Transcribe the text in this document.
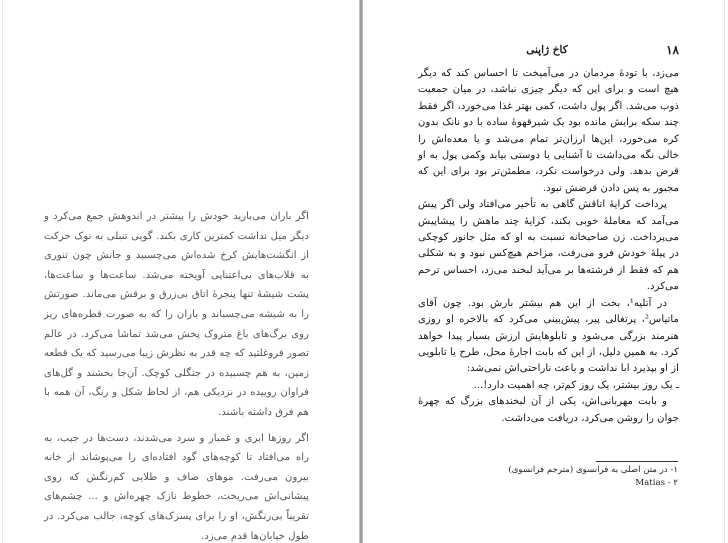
اگر باران می‌بارید خودش را بیشتر در اندوهش جمع می‌کرد و دیگر میل نداشت کمترین کاری بکند. گویی تنبلی به نوک حرکت از انگشت‌هایش کرخ شده‌اش می‌چسبید و جانش چون تنوری به قلاب‌های بی‌اعتنایی آویخته می‌شد. ساعت‌ها و ساعت‌ها، پشت شیشهٔ تنها پنجرهٔ اتاق بی‌زرق و برقش می‌ماند. صورتش را به شیشه می‌چسباند و باران را که به صورت قطره‌های ریز روی برگ‌های باغ متروک پخش می‌شد تماشا می‌کرد. در عالم تصور فرو‌غلتید که چه قدر به نظرش زیبا می‌رسید که یک قطعه زمین، به هم چسبیده در جنگلی کوچک. آن‌جا بخشند و گل‌های فراوان روییده در نزدیکی هم، از لحاظ شکل و رنگ، آن همه با هم فرق داشته باشند.

اگر روزها ابری و غمبار و سرد می‌شدند، دست‌ها در جیب، به راه می‌افتاد تا کوچه‌های گود افتاده‌ای را می‌پوشاند از خانه بیرون می‌رفت. موهای صاف و طلایی کم‌رنگش که روی پیشانی‌اش می‌ریخت، خطوط نازک چهره‌اش و ... چشم‌های تقریباً بی‌رنگش، او را برای پسرک‌های کوچه، جالب می‌کرد. در طول خیابان‌ها قدم می‌زد.

۱۸
کاخ ژاپنی

می‌زد، با تودهٔ مردمان در می‌آمیخت تا احساس کند که دیگر هیچ است و برای این که دیگر چیزی نباشد، در میان جمعیت ذوب می‌شد. اگر پول داشت، کمی بهتر غذا می‌خورد، اگر فقط چند سکه برایش مانده بود یک شیرقهوهٔ ساده با دو نانک بدون کره می‌خورد، این‌ها ارزان‌تر تمام می‌شد و یا معده‌اش را خالی نگه می‌داشت تا آشنایی یا دوستی بیابد وکمی پول به او قرض بدهد. ولی درخواست نکرد، مطمئن‌تر بود برای این که مجبور به پس دادن قرضش نبود.

پرداخت کرایهٔ اتاقش گاهی به تأخیر می‌افتاد ولی اگر پیش می‌آمد که معاملهٔ خوبی بکند، کرایهٔ چند ماهش را پیشاپیش می‌پرداخت. زن صاحبخانه نسبت به او که مثل جانور کوچکی در پیلهٔ خودش فرو می‌رفت، مزاحم هیچ‌کس نبود و به شکلی هم که فقط از فرشته‌ها بر می‌آید لبخند می‌زد، احساس ترحم می‌کرد.

در آتلیه¹، بخت از این هم بیشتر بارش بود. چون آقای ماتیاس²، پرتغالی پیر، پیش‌بینی می‌کرد که بالاخره او روزی هنرمند بزرگی می‌شود و تابلوهایش ارزش بسیار پیدا خواهد کرد. به همین دلیل، از این که بابت اجارهٔ محل، طرح یا تابلویی از او بپذیرد ابا نداشت و باعث ناراحتی‌اش نمی‌شد:

ـ یک روز بیشتر، یک روز کم‌تر، چه اهمیت دارد!...

و بابت مهربانی‌اش، یکی از آن لبخندهای بزرگ که چهرهٔ جوان را روشن می‌کرد، دریافت می‌داشت.

۱- در متن اصلی به فرانسوی (مترجم فرانسوی)
Matias - ۲
